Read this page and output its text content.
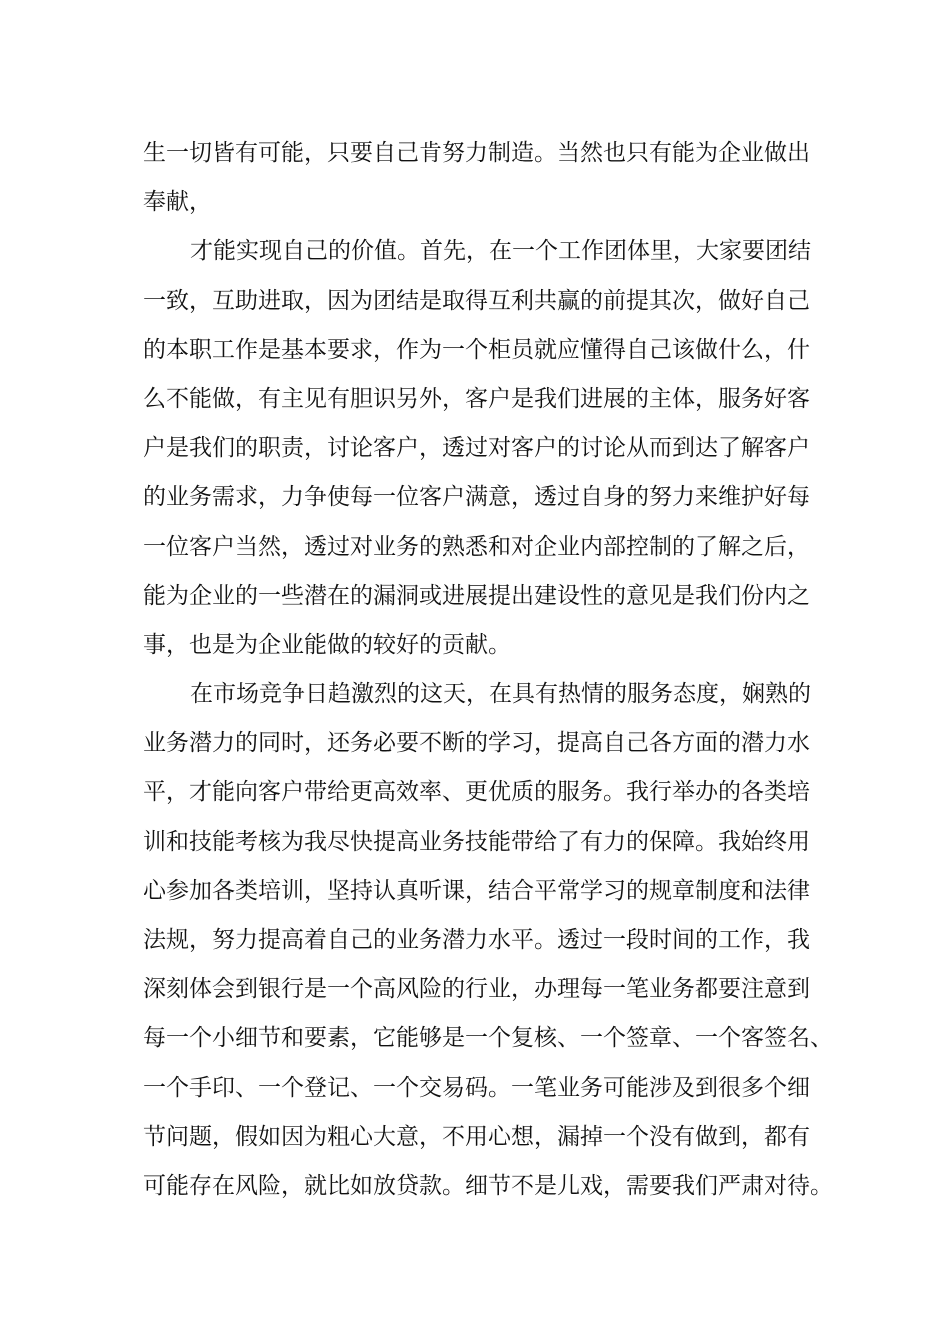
生一切皆有可能，只要自己肯努力制造。当然也只有能为企业做出
奉献，
才能实现自己的价值。首先，在一个工作团体里，大家要团结
一致，互助进取，因为团结是取得互利共赢的前提其次，做好自己
的本职工作是基本要求，作为一个柜员就应懂得自己该做什么，什
么不能做，有主见有胆识另外，客户是我们进展的主体，服务好客
户是我们的职责，讨论客户，透过对客户的讨论从而到达了解客户
的业务需求，力争使每一位客户满意，透过自身的努力来维护好每
一位客户当然，透过对业务的熟悉和对企业内部控制的了解之后，
能为企业的一些潜在的漏洞或进展提出建设性的意见是我们份内之
事，也是为企业能做的较好的贡献。
在市场竞争日趋激烈的这天，在具有热情的服务态度，娴熟的
业务潜力的同时，还务必要不断的学习，提高自己各方面的潜力水
平，才能向客户带给更高效率、更优质的服务。我行举办的各类培
训和技能考核为我尽快提高业务技能带给了有力的保障。我始终用
心参加各类培训，坚持认真听课，结合平常学习的规章制度和法律
法规，努力提高着自己的业务潜力水平。透过一段时间的工作，我
深刻体会到银行是一个高风险的行业，办理每一笔业务都要注意到
每一个小细节和要素，它能够是一个复核、一个签章、一个客签名、
一个手印、一个登记、一个交易码。一笔业务可能涉及到很多个细
节问题，假如因为粗心大意，不用心想，漏掉一个没有做到，都有
可能存在风险，就比如放贷款。细节不是儿戏，需要我们严肃对待。
